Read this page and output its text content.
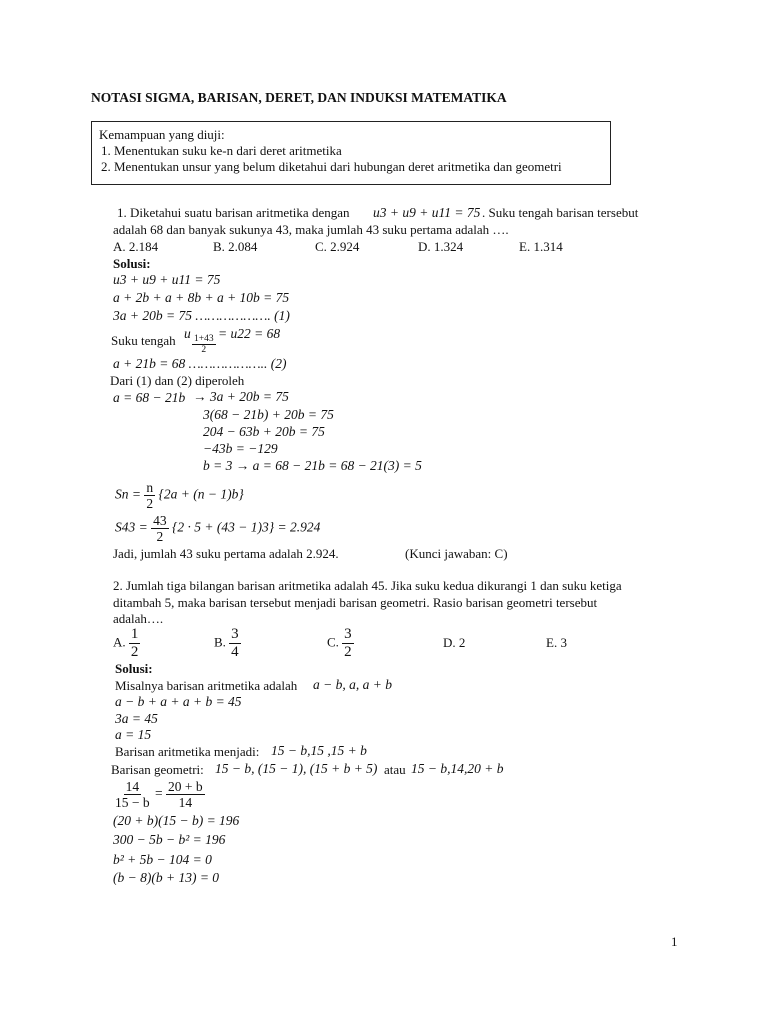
NOTASI SIGMA, BARISAN, DERET, DAN INDUKSI MATEMATIKA
Kemampuan yang diuji:
1. Menentukan suku ke-n dari deret aritmetika
2. Menentukan unsur yang belum diketahui dari hubungan deret aritmetika dan geometri
1. Diketahui suatu barisan aritmetika dengan u3 + u9 + u11 = 75 . Suku tengah barisan tersebut
adalah 68 dan banyak sukunya 43, maka jumlah 43 suku pertama adalah ….
A. 2.184	B. 2.084	C. 2.924	D. 1.324	E. 1.314
Solusi:
u3 + u9 + u11 = 75
a + 2b + a + 8b + a + 10b = 75
3a + 20b = 75 ………………. (1)
Suku tengah u
$\frac{1+43}{2}$
= u22 = 68
a + 21b = 68 ……………….. (2)
Dari (1) dan (2) diperoleh
a = 68 − 21b → 3a + 20b = 75
3(68 − 21b) + 20b = 75
204 − 63b + 20b = 75
−43b = −129
b = 3 → a = 68 − 21b = 68 − 21(3) = 5
$Sn = \frac{n}{2} \{2a + (n - 1)b\}$
$S43 = \frac{43}{2} \{2 \cdot 5 + (43 - 1)3\} = 2.924$
Jadi, jumlah 43 suku pertama adalah 2.924.	(Kunci jawaban: C)
2. Jumlah tiga bilangan barisan aritmetika adalah 45. Jika suku kedua dikurangi 1 dan suku ketiga
ditambah 5, maka barisan tersebut menjadi barisan geometri. Rasio barisan geometri tersebut
adalah….
A. $\frac{1}{2}$	B. $\frac{3}{4}$	C. $\frac{3}{2}$	D. 2	E. 3
Solusi:
Misalnya barisan aritmetika adalah a − b, a, a + b
a − b + a + a + b = 45
3a = 45
a = 15
Barisan aritmetika menjadi: 15 − b,15 ,15 + b
Barisan geometri: 15 − b, (15 − 1), (15 + b + 5) atau 15 − b,14,20 + b
$\frac{14}{15 - b} = \frac{20 + b}{14}$
(20 + b)(15 − b) = 196
300 − 5b − b² = 196
b² + 5b − 104 = 0
(b − 8)(b + 13) = 0
1
